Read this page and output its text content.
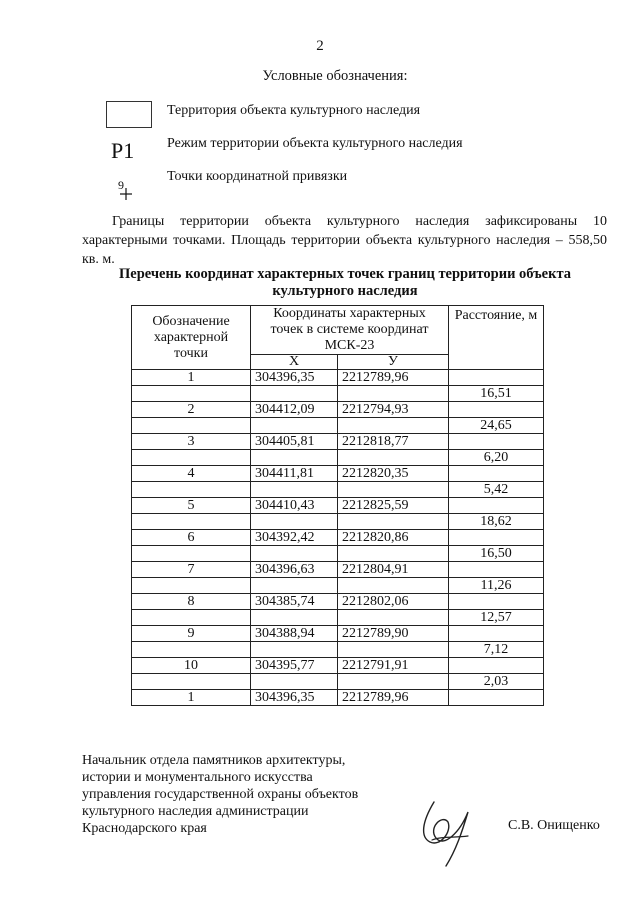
2
Условные обозначения:
Территория объекта культурного наследия
Р1 Режим территории объекта культурного наследия
9
Точки координатной привязки
Границы территории объекта культурного наследия зафиксированы 10 характерными точками. Площадь территории объекта культурного наследия – 558,50 кв. м.
Перечень координат характерных точек границ территории объекта культурного наследия
Обозначение характерной точки	Координаты характерных точек в системе координат МСК-23		Расстояние, м
	X	У	
1	304396,35	2212789,96	
			16,51
2	304412,09	2212794,93	
			24,65
3	304405,81	2212818,77	
			6,20
4	304411,81	2212820,35	
			5,42
5	304410,43	2212825,59	
			18,62
6	304392,42	2212820,86	
			16,50
7	304396,63	2212804,91	
			11,26
8	304385,74	2212802,06	
			12,57
9	304388,94	2212789,90	
			7,12
10	304395,77	2212791,91	
			2,03
1	304396,35	2212789,96	
Начальник отдела памятников архитектуры,
истории и монументального искусства
управления государственной охраны объектов
культурного наследия администрации
Краснодарского края	С.В. Онищенко
